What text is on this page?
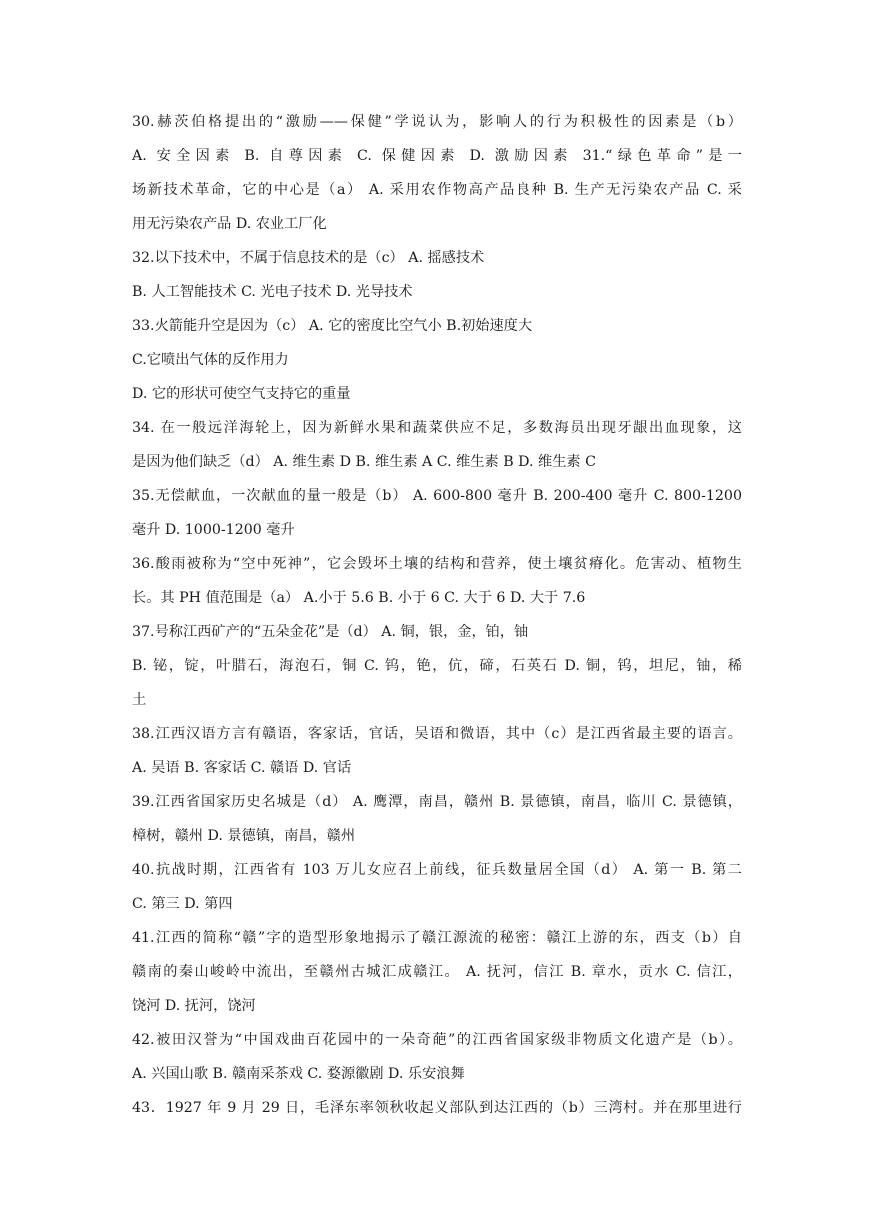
30.赫茨伯格提出的“激励——保健”学说认为，影响人的行为积极性的因素是（b）
A. 安全因素 B. 自尊因素 C. 保健因素 D. 激励因素 31.“绿色革命”是一
场新技术革命，它的中心是（a） A. 采用农作物高产品良种 B. 生产无污染农产品 C. 采
用无污染农产品 D. 农业工厂化
32.以下技术中，不属于信息技术的是（c） A. 摇感技术
B. 人工智能技术 C. 光电子技术 D. 光导技术
33.火箭能升空是因为（c） A. 它的密度比空气小 B.初始速度大
C.它喷出气体的反作用力
D. 它的形状可使空气支持它的重量
34. 在一般远洋海轮上，因为新鲜水果和蔬菜供应不足，多数海员出现牙龈出血现象，这
是因为他们缺乏（d） A. 维生素 D B. 维生素 A C. 维生素 B D. 维生素 C
35.无偿献血，一次献血的量一般是（b） A. 600-800 毫升 B. 200-400 毫升 C. 800-1200
毫升 D. 1000-1200 毫升
36.酸雨被称为“空中死神”，它会毁坏土壤的结构和营养，使土壤贫瘠化。危害动、植物生
长。其 PH 值范围是（a） A.小于 5.6 B. 小于 6 C. 大于 6 D. 大于 7.6
37.号称江西矿产的“五朵金花”是（d） A. 铜，银，金，铂，铀
B. 铋，锭，叶腊石，海泡石，铜 C. 钨，铯，伉，碲，石英石 D. 铜，钨，坦尼，铀，稀
土
38.江西汉语方言有赣语，客家话，官话，吴语和微语，其中（c）是江西省最主要的语言。
A. 吴语 B. 客家话 C. 赣语 D. 官话
39.江西省国家历史名城是（d） A. 鹰潭，南昌，赣州 B. 景德镇，南昌，临川 C. 景德镇，
樟树，赣州 D. 景德镇，南昌，赣州
40.抗战时期，江西省有 103 万儿女应召上前线，征兵数量居全国（d） A. 第一 B. 第二
C. 第三 D. 第四
41.江西的简称“赣”字的造型形象地揭示了赣江源流的秘密：赣江上游的东，西支（b）自
赣南的秦山峻岭中流出，至赣州古城汇成赣江。 A. 抚河，信江 B. 章水，贡水 C. 信江，
饶河 D. 抚河，饶河
42.被田汉誉为“中国戏曲百花园中的一朵奇葩”的江西省国家级非物质文化遗产是（b）。
A. 兴国山歌 B. 赣南采茶戏 C. 婺源徽剧 D. 乐安浪舞
43．1927 年 9 月 29 日，毛泽东率领秋收起义部队到达江西的（b）三湾村。并在那里进行
